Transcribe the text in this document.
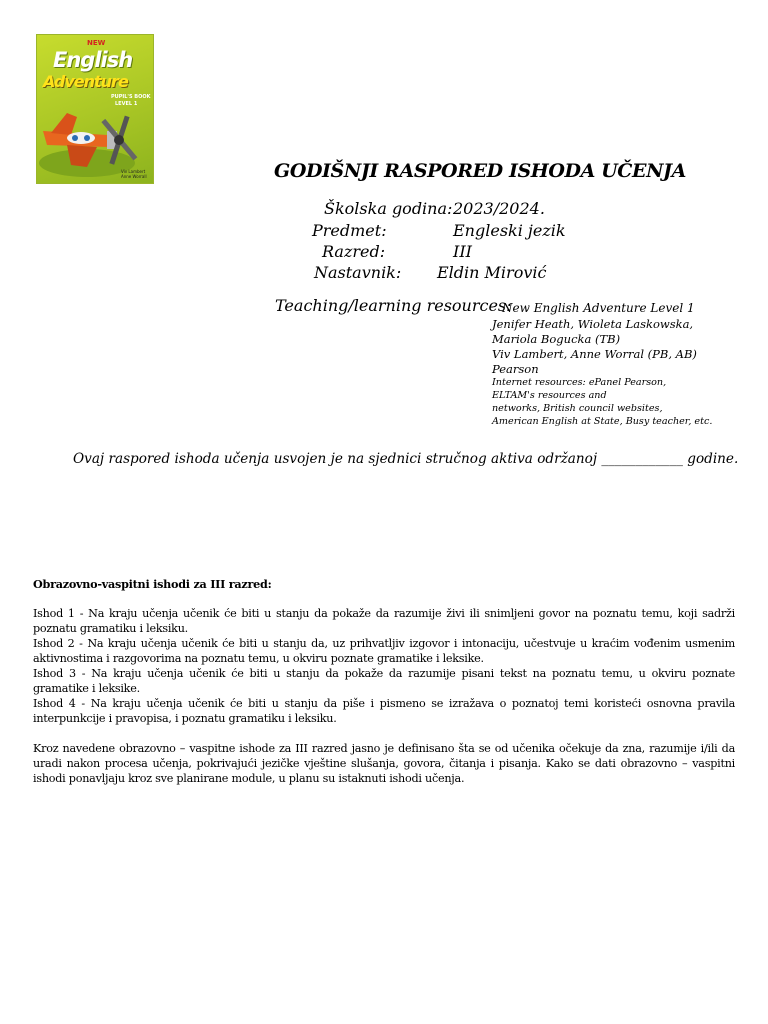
NEW
English
Adventure
PUPIL'S BOOK
LEVEL 1
Viv Lambert
Anne Worrall	GODIŠNJI RASPORED ISHODA UČENJA
Školska godina: 2023/2024.
Predmet:	Engleski jezik
Razred:	III
Nastavnik: Eldin Mirović
Teaching/learning resources:
New English Adventure Level 1
Jenifer Heath, Wioleta Laskowska,
Mariola Bogucka (TB)
Viv Lambert, Anne Worral (PB, AB)
Pearson
Internet resources: ePanel Pearson,
ELTAM's resources and
networks, British council websites,
American English at State, Busy teacher, etc.
Ovaj raspored ishoda učenja usvojen je na sjednici stručnog aktiva održanoj ____________ godine.
Obrazovno-vaspitni ishodi za III razred:

Ishod 1 - Na kraju učenja učenik će biti u stanju da pokaže da razumije živi ili snimljeni govor na poznatu temu, koji sadrži poznatu gramatiku i leksiku.

Ishod 2 - Na kraju učenja učenik će biti u stanju da, uz prihvatljiv izgovor i intonaciju, učestvuje u kraćim vođenim usmenim aktivnostima i razgovorima na poznatu temu, u okviru poznate gramatike i leksike.

Ishod 3 - Na kraju učenja učenik će biti u stanju da pokaže da razumije pisani tekst na poznatu temu, u okviru poznate gramatike i leksike.

Ishod 4 - Na kraju učenja učenik će biti u stanju da piše i pismeno se izražava o poznatoj temi koristeći osnovna pravila interpunkcije i pravopisa, i poznatu gramatiku i leksiku.

Kroz navedene obrazovno – vaspitne ishode za III razred jasno je definisano šta se od učenika očekuje da zna, razumije i/ili da uradi nakon procesa učenja, pokrivajući jezičke vještine slušanja, govora, čitanja i pisanja. Kako se dati obrazovno – vaspitni ishodi ponavljaju kroz sve planirane module, u planu su istaknuti ishodi učenja.
